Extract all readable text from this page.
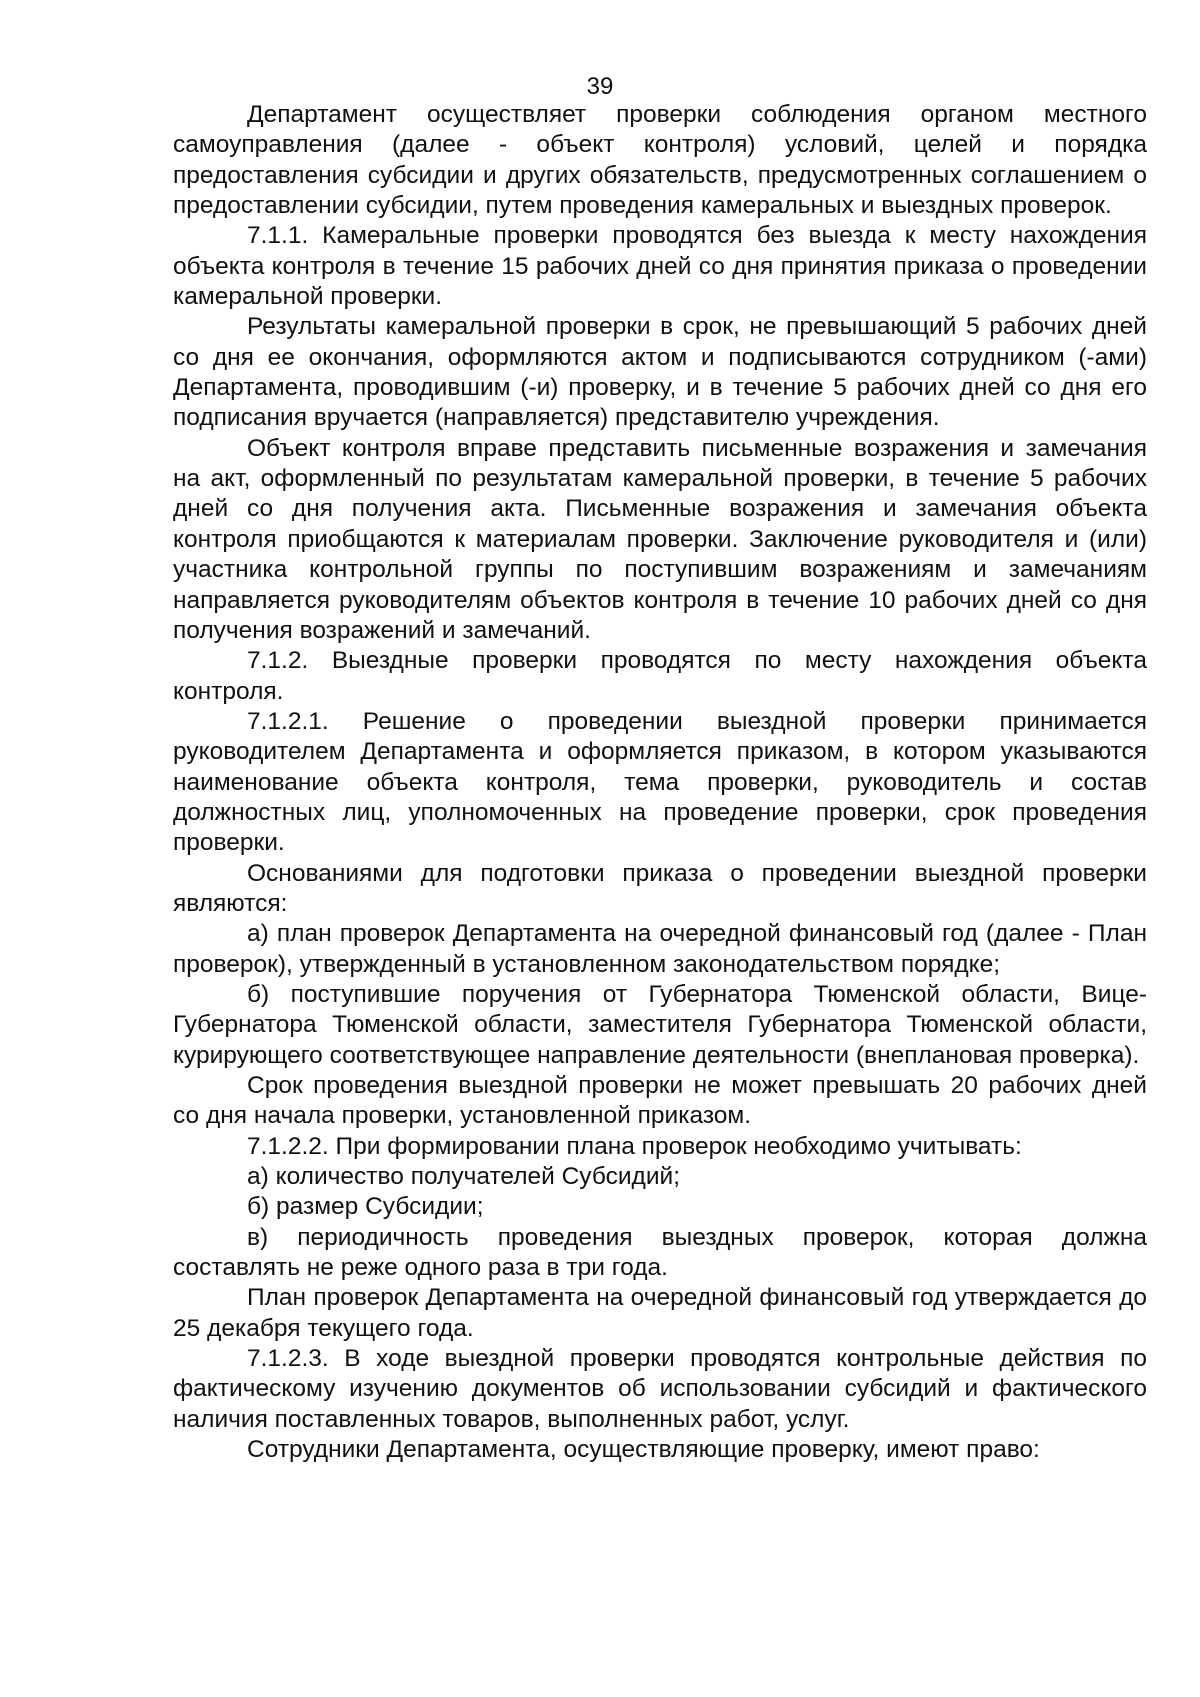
39

Департамент осуществляет проверки соблюдения органом местного самоуправления (далее - объект контроля) условий, целей и порядка предоставления субсидии и других обязательств, предусмотренных соглашением о предоставлении субсидии, путем проведения камеральных и выездных проверок.

7.1.1. Камеральные проверки проводятся без выезда к месту нахождения объекта контроля в течение 15 рабочих дней со дня принятия приказа о проведении камеральной проверки.

Результаты камеральной проверки в срок, не превышающий 5 рабочих дней со дня ее окончания, оформляются актом и подписываются сотрудником (-ами) Департамента, проводившим (-и) проверку, и в течение 5 рабочих дней со дня его подписания вручается (направляется) представителю учреждения.

Объект контроля вправе представить письменные возражения и замечания на акт, оформленный по результатам камеральной проверки, в течение 5 рабочих дней со дня получения акта. Письменные возражения и замечания объекта контроля приобщаются к материалам проверки. Заключение руководителя и (или) участника контрольной группы по поступившим возражениям и замечаниям направляется руководителям объектов контроля в течение 10 рабочих дней со дня получения возражений и замечаний.

7.1.2. Выездные проверки проводятся по месту нахождения объекта контроля.

7.1.2.1. Решение о проведении выездной проверки принимается руководителем Департамента и оформляется приказом, в котором указываются наименование объекта контроля, тема проверки, руководитель и состав должностных лиц, уполномоченных на проведение проверки, срок проведения проверки.

Основаниями для подготовки приказа о проведении выездной проверки являются:

а) план проверок Департамента на очередной финансовый год (далее - План проверок), утвержденный в установленном законодательством порядке;

б) поступившие поручения от Губернатора Тюменской области, Вице-Губернатора Тюменской области, заместителя Губернатора Тюменской области, курирующего соответствующее направление деятельности (внеплановая проверка).

Срок проведения выездной проверки не может превышать 20 рабочих дней со дня начала проверки, установленной приказом.

7.1.2.2. При формировании плана проверок необходимо учитывать:

а) количество получателей Субсидий;

б) размер Субсидии;

в) периодичность проведения выездных проверок, которая должна составлять не реже одного раза в три года.

План проверок Департамента на очередной финансовый год утверждается до 25 декабря текущего года.

7.1.2.3. В ходе выездной проверки проводятся контрольные действия по фактическому изучению документов об использовании субсидий и фактического наличия поставленных товаров, выполненных работ, услуг.

Сотрудники Департамента, осуществляющие проверку, имеют право:
